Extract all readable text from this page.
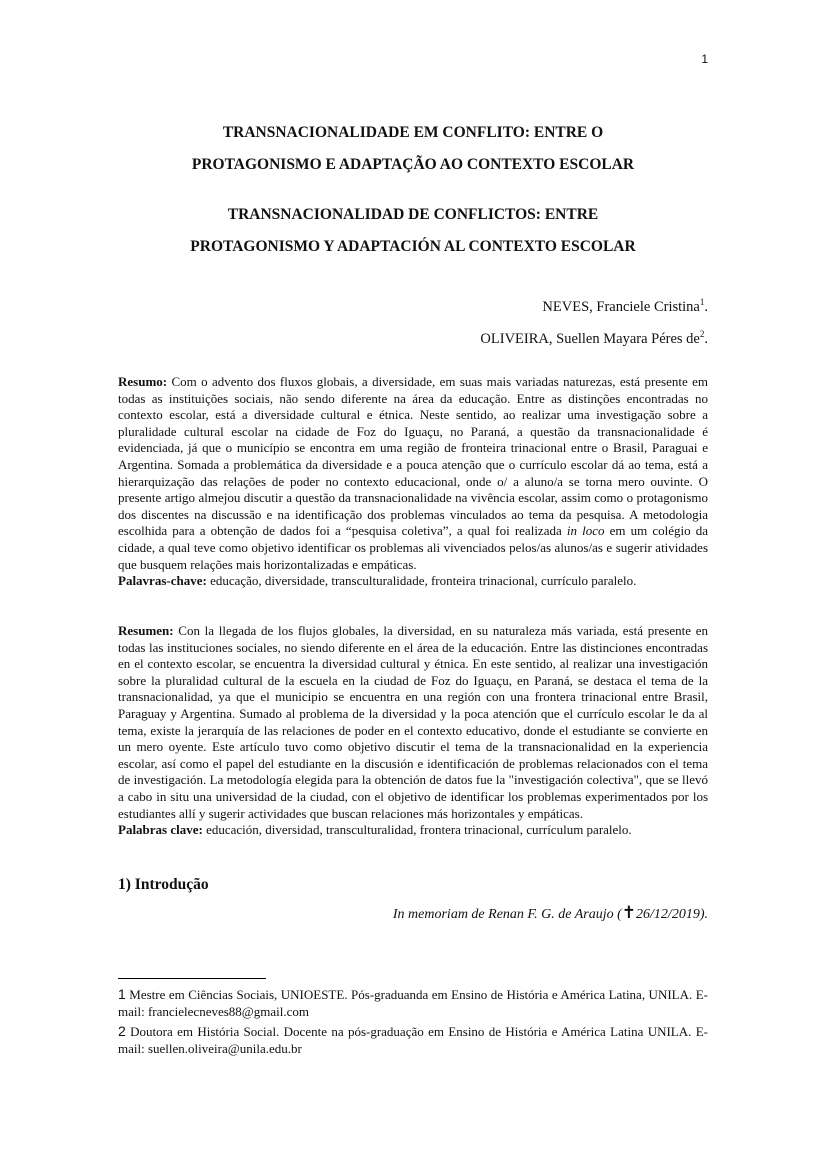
1
TRANSNACIONALIDADE EM CONFLITO: ENTRE O
PROTAGONISMO E ADAPTAÇÃO AO CONTEXTO ESCOLAR
TRANSNACIONALIDAD DE CONFLICTOS: ENTRE
PROTAGONISMO Y ADAPTACIÓN AL CONTEXTO ESCOLAR
NEVES, Franciele Cristina$^1$.
OLIVEIRA, Suellen Mayara Péres $de^2$.

Resumo: Com o advento dos fluxos globais, a diversidade, em suas mais variadas naturezas, está presente em todas as instituições sociais, não sendo diferente na área da educação. Entre as distinções encontradas no contexto escolar, está a diversidade cultural e étnica. Neste sentido, ao realizar uma investigação sobre a pluralidade cultural escolar na cidade de Foz do Iguaçu, no Paraná, a questão da transnacionalidade é evidenciada, já que o município se encontra em uma região de fronteira trinacional entre o Brasil, Paraguai e Argentina. Somada a problemática da diversidade e a pouca atenção que o currículo escolar dá ao tema, está a hierarquização das relações de poder no contexto educacional, onde o/ a aluno/a se torna mero ouvinte. O presente artigo almejou discutir a questão da transnacionalidade na vivência escolar, assim como o protagonismo dos discentes na discussão e na identificação dos problemas vinculados ao tema da pesquisa. A metodologia escolhida para a obtenção de dados foi a “pesquisa coletiva”, a qual foi realizada in loco em um colégio da cidade, a qual teve como objetivo identificar os problemas ali vivenciados pelos/as alunos/as e sugerir atividades que busquem relações mais horizontalizadas e empáticas.

Palavras-chave: educação, diversidade, transculturalidade, fronteira trinacional, currículo paralelo.

Resumen: Con la llegada de los flujos globales, la diversidad, en su naturaleza más variada, está presente en todas las instituciones sociales, no siendo diferente en el área de la educación. Entre las distinciones encontradas en el contexto escolar, se encuentra la diversidad cultural y étnica. En este sentido, al realizar una investigación sobre la pluralidad cultural de la escuela en la ciudad de Foz do Iguaçu, en Paraná, se destaca el tema de la transnacionalidad, ya que el municipio se encuentra en una región con una frontera trinacional entre Brasil, Paraguay y Argentina. Sumado al problema de la diversidad y la poca atención que el currículo escolar le da al tema, existe la jerarquía de las relaciones de poder en el contexto educativo, donde el estudiante se convierte en un mero oyente. Este artículo tuvo como objetivo discutir el tema de la transnacionalidad en la experiencia escolar, así como el papel del estudiante en la discusión e identificación de problemas relacionados con el tema de investigación. La metodología elegida para la obtención de datos fue la "investigación colectiva", que se llevó a cabo in situ una universidad de la ciudad, con el objetivo de identificar los problemas experimentados por los estudiantes allí y sugerir actividades que buscan relaciones más horizontales y empáticas.

Palabras clave: educación, diversidad, transculturalidad, frontera trinacional, currículum paralelo.

1) Introdução
In memoriam de Renan F. G. de Araujo (✝26/12/2019).

1 Mestre em Ciências Sociais, UNIOESTE. Pós-graduanda em Ensino de História e América Latina, UNILA. E-mail: francielecneves88@gmail.com

2 Doutora em História Social. Docente na pós-graduação em Ensino de História e América Latina UNILA. E-mail: suellen.oliveira@unila.edu.br
